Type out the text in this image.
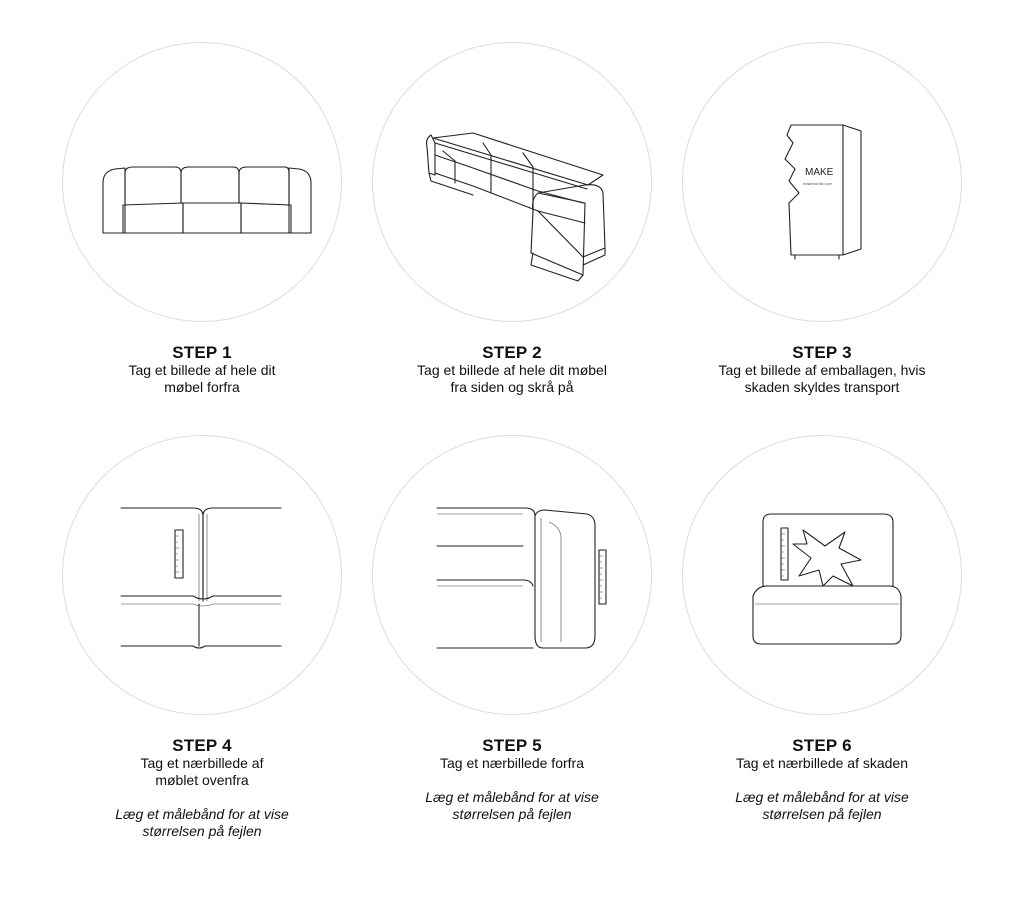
STEP 1

Tag et billede af hele dit
møbel forfra

STEP 2

Tag et billede af hele dit møbel
fra siden og skrå på

MAKE
makenordic.com

STEP 3

Tag et billede af emballagen, hvis
skaden skyldes transport

STEP 4

Tag et nærbillede af
møblet ovenfra

Læg et målebånd for at vise
størrelsen på fejlen

STEP 5

Tag et nærbillede forfra

Læg et målebånd for at vise
størrelsen på fejlen

STEP 6

Tag et nærbillede af skaden

Læg et målebånd for at vise
størrelsen på fejlen
